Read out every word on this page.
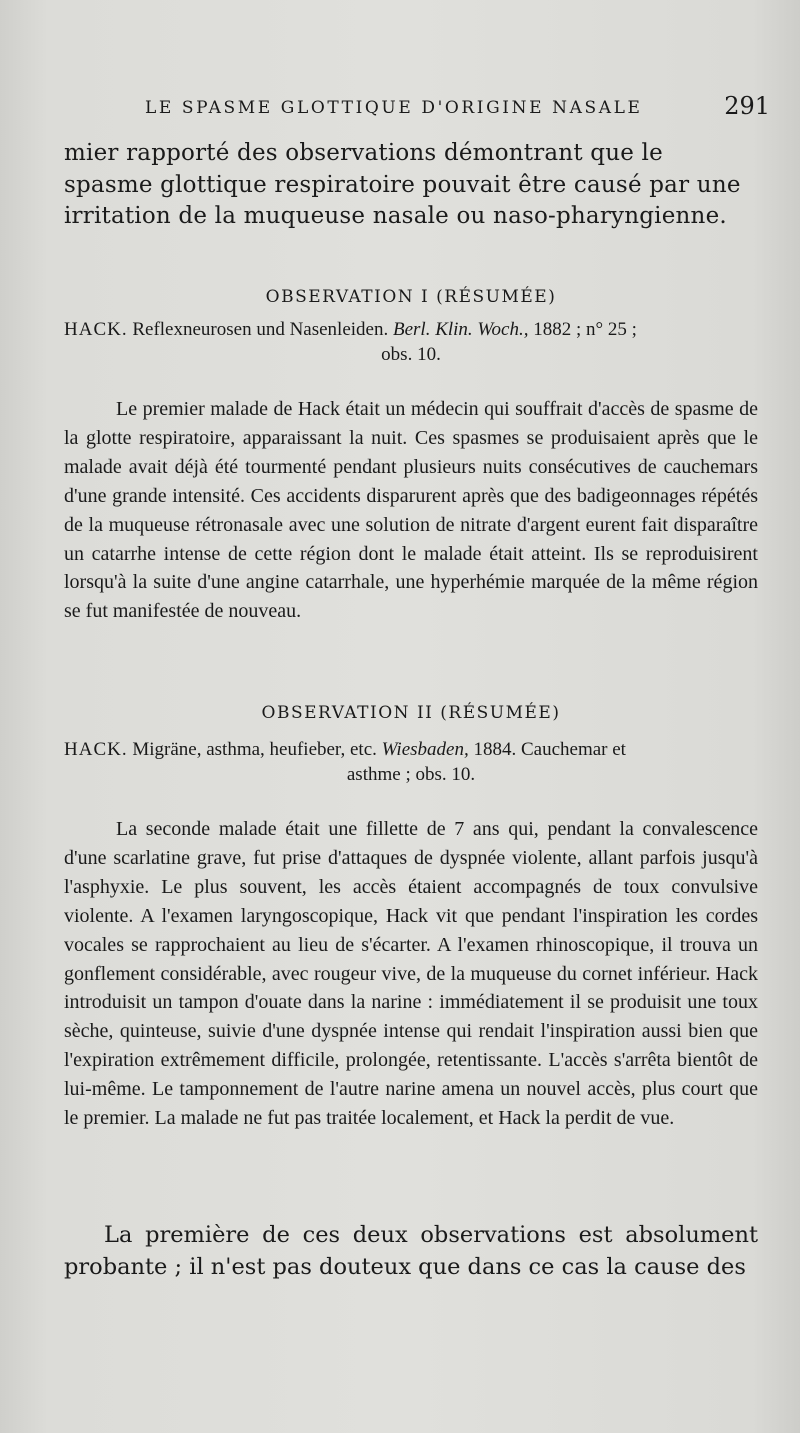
LE SPASME GLOTTIQUE D'ORIGINE NASALE	291

mier rapporté des observations démontrant que le spasme glottique respiratoire pouvait être causé par une irritation de la muqueuse nasale ou naso-pharyngienne.

OBSERVATION I (RÉSUMÉE)
HACK. Reflexneurosen und Nasenleiden. Berl. Klin. Woch., 1882 ; n° 25 ;
obs. 10.

Le premier malade de Hack était un médecin qui souffrait d'accès de spasme de la glotte respiratoire, apparaissant la nuit. Ces spasmes se produisaient après que le malade avait déjà été tourmenté pendant plusieurs nuits consécutives de cauchemars d'une grande intensité. Ces accidents disparurent après que des badigeonnages répétés de la muqueuse rétronasale avec une solution de nitrate d'argent eurent fait disparaître un catarrhe intense de cette région dont le malade était atteint. Ils se reproduisirent lorsqu'à la suite d'une angine catarrhale, une hyperhémie marquée de la même région se fut manifestée de nouveau.

OBSERVATION II (RÉSUMÉE)
HACK. Migräne, asthma, heufieber, etc. Wiesbaden, 1884. Cauchemar et
asthme ; obs. 10.

La seconde malade était une fillette de 7 ans qui, pendant la convalescence d'une scarlatine grave, fut prise d'attaques de dyspnée violente, allant parfois jusqu'à l'asphyxie. Le plus souvent, les accès étaient accompagnés de toux convulsive violente. A l'examen laryngoscopique, Hack vit que pendant l'inspiration les cordes vocales se rapprochaient au lieu de s'écarter. A l'examen rhinoscopique, il trouva un gonflement considérable, avec rougeur vive, de la muqueuse du cornet inférieur. Hack introduisit un tampon d'ouate dans la narine : immédiatement il se produisit une toux sèche, quinteuse, suivie d'une dyspnée intense qui rendait l'inspiration aussi bien que l'expiration extrêmement difficile, prolongée, retentissante. L'accès s'arrêta bientôt de lui-même. Le tamponnement de l'autre narine amena un nouvel accès, plus court que le premier. La malade ne fut pas traitée localement, et Hack la perdit de vue.

La première de ces deux observations est absolument probante ; il n'est pas douteux que dans ce cas la cause des
